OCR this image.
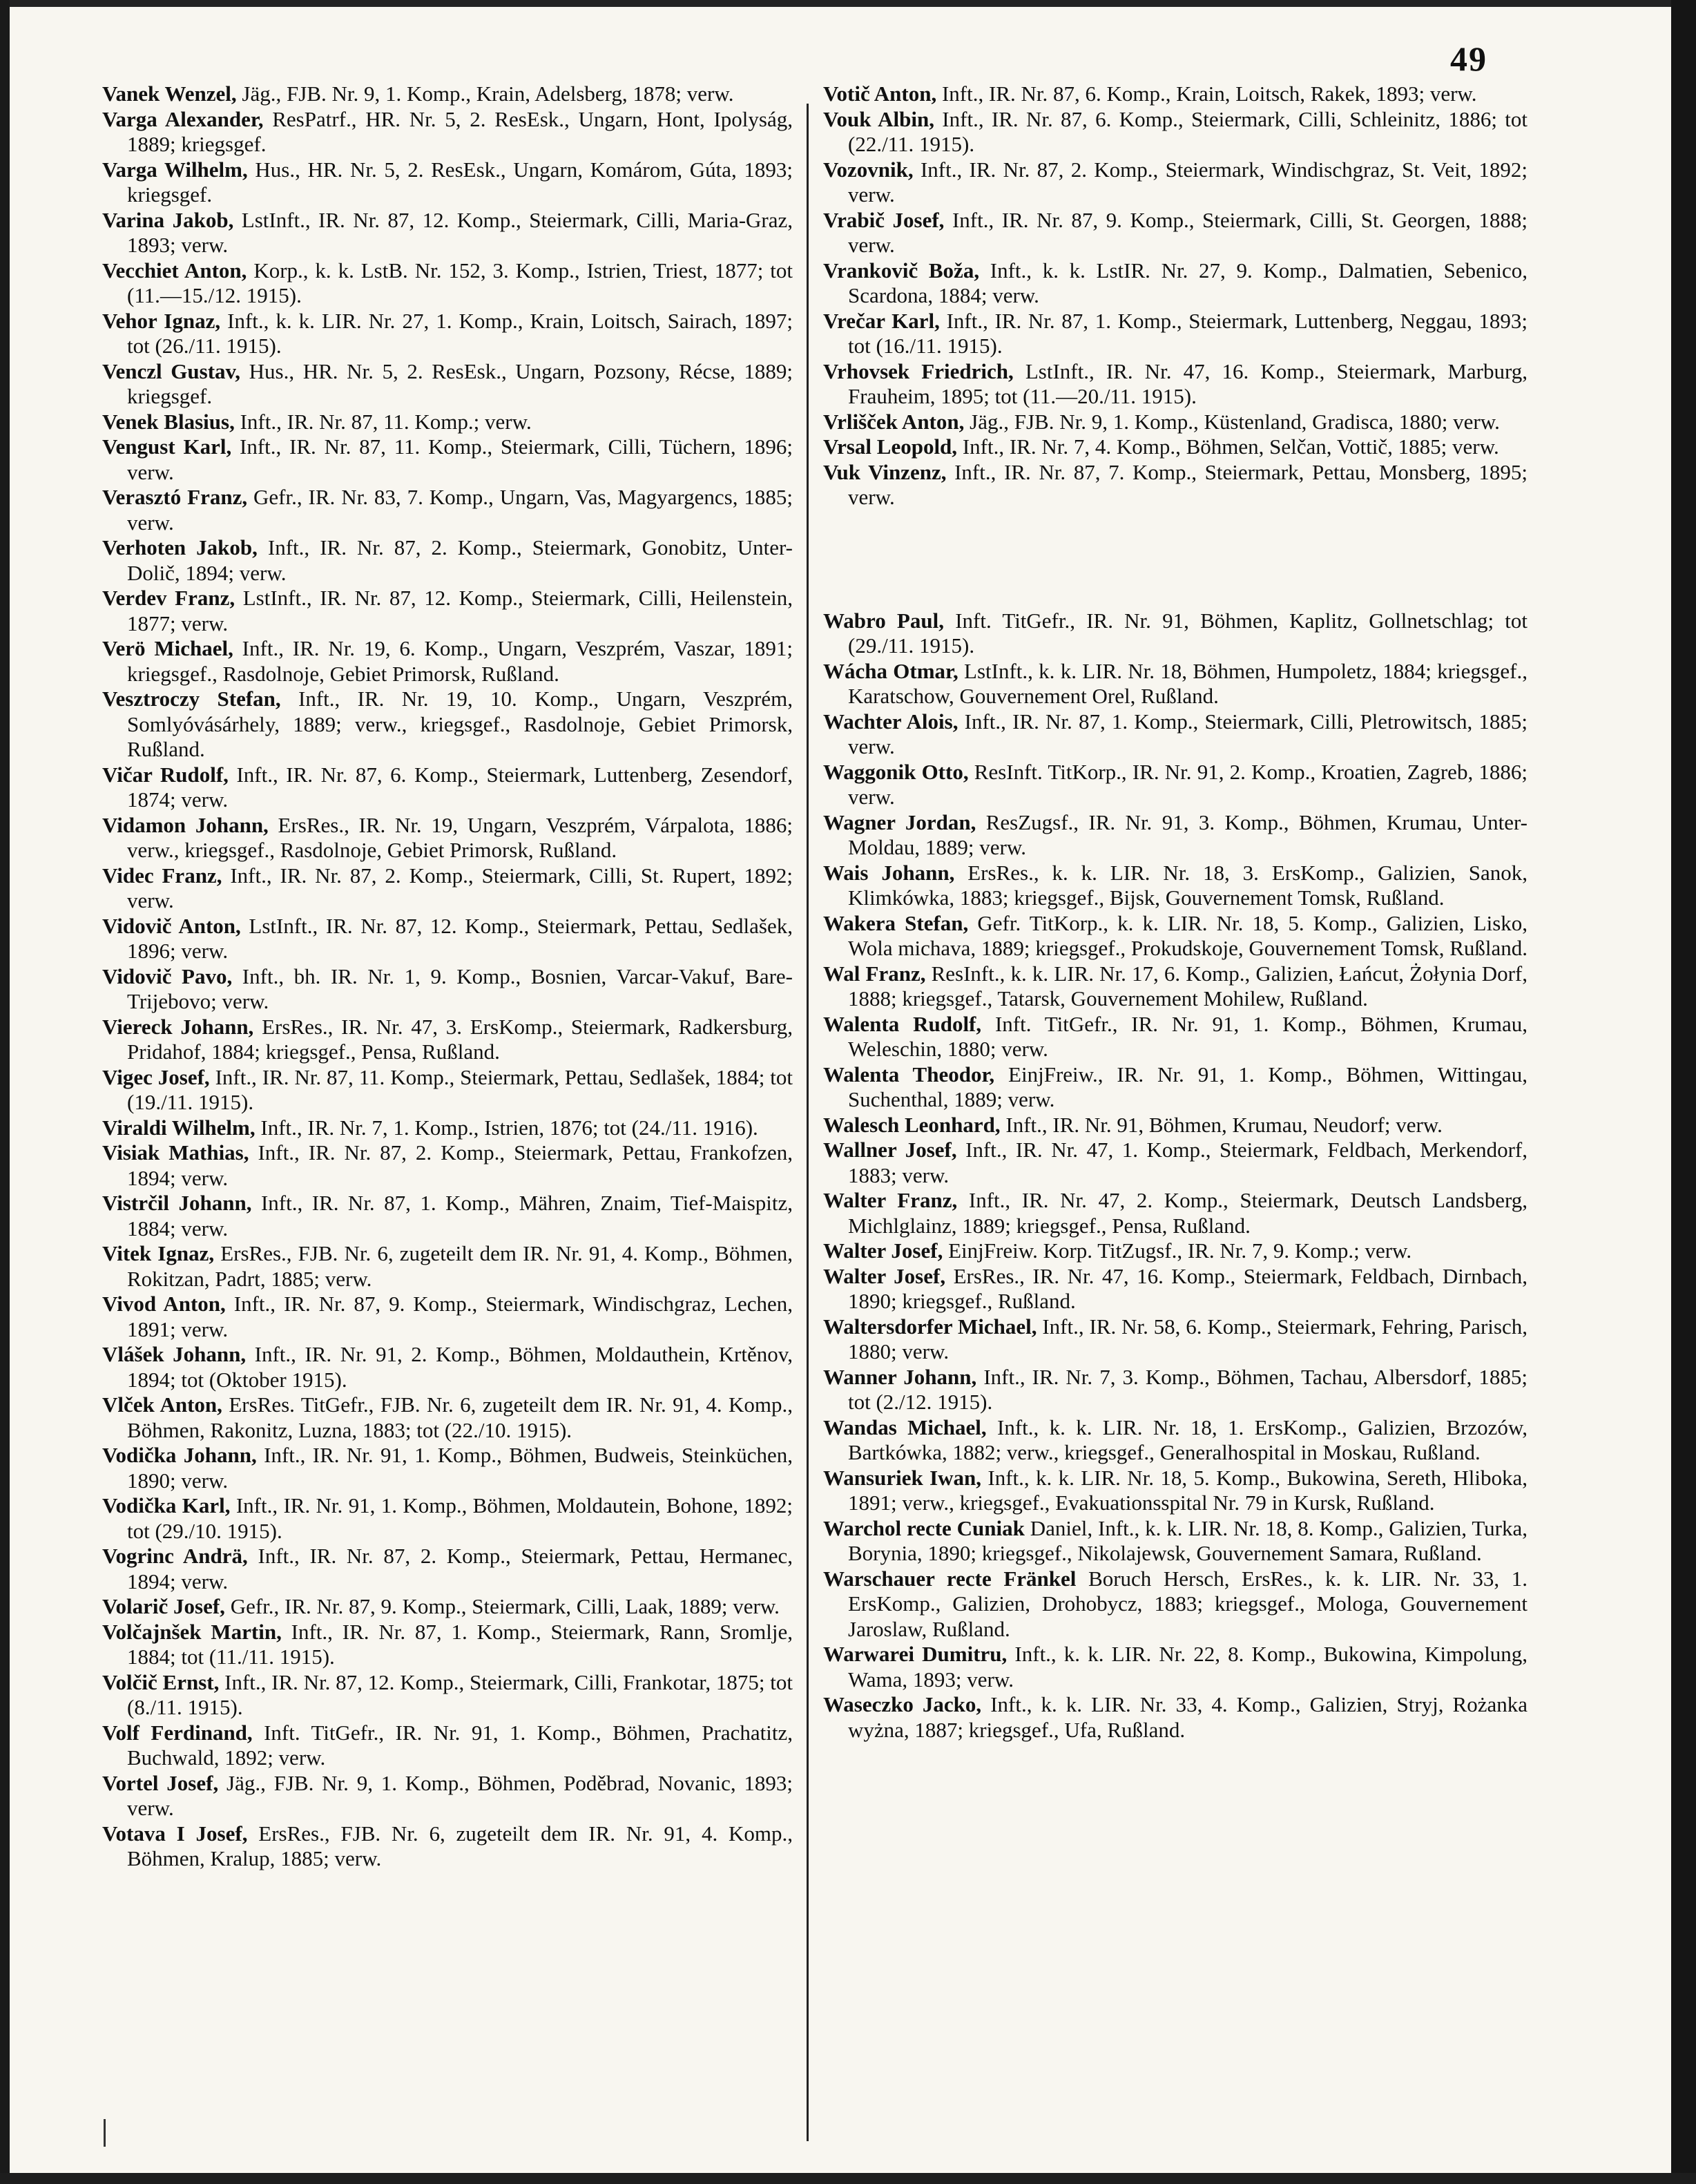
49

Vanek Wenzel, Jäg., FJB. Nr. 9, 1. Komp., Krain, Adelsberg, 1878; verw.

Varga Alexander, ResPatrf., HR. Nr. 5, 2. ResEsk., Ungarn, Hont, Ipolyság, 1889; kriegsgef.

Varga Wilhelm, Hus., HR. Nr. 5, 2. ResEsk., Ungarn, Komárom, Gúta, 1893; kriegsgef.

Varina Jakob, LstInft., IR. Nr. 87, 12. Komp., Steiermark, Cilli, Maria-Graz, 1893; verw.

Vecchiet Anton, Korp., k. k. LstB. Nr. 152, 3. Komp., Istrien, Triest, 1877; tot (11.—15./12. 1915).

Vehor Ignaz, Inft., k. k. LIR. Nr. 27, 1. Komp., Krain, Loitsch, Sairach, 1897; tot (26./11. 1915).

Venczl Gustav, Hus., HR. Nr. 5, 2. ResEsk., Ungarn, Pozsony, Récse, 1889; kriegsgef.

Venek Blasius, Inft., IR. Nr. 87, 11. Komp.; verw.

Vengust Karl, Inft., IR. Nr. 87, 11. Komp., Steiermark, Cilli, Tüchern, 1896; verw.

Verasztó Franz, Gefr., IR. Nr. 83, 7. Komp., Ungarn, Vas, Magyargencs, 1885; verw.

Verhoten Jakob, Inft., IR. Nr. 87, 2. Komp., Steiermark, Gonobitz, Unter-Dolič, 1894; verw.

Verdev Franz, LstInft., IR. Nr. 87, 12. Komp., Steiermark, Cilli, Heilenstein, 1877; verw.

Verö Michael, Inft., IR. Nr. 19, 6. Komp., Ungarn, Veszprém, Vaszar, 1891; kriegsgef., Rasdolnoje, Gebiet Primorsk, Rußland.

Vesztroczy Stefan, Inft., IR. Nr. 19, 10. Komp., Ungarn, Veszprém, Somlyóvásárhely, 1889; verw., kriegsgef., Rasdolnoje, Gebiet Primorsk, Rußland.

Vičar Rudolf, Inft., IR. Nr. 87, 6. Komp., Steiermark, Luttenberg, Zesendorf, 1874; verw.

Vidamon Johann, ErsRes., IR. Nr. 19, Ungarn, Veszprém, Várpalota, 1886; verw., kriegsgef., Rasdolnoje, Gebiet Primorsk, Rußland.

Videc Franz, Inft., IR. Nr. 87, 2. Komp., Steiermark, Cilli, St. Rupert, 1892; verw.

Vidovič Anton, LstInft., IR. Nr. 87, 12. Komp., Steiermark, Pettau, Sedlašek, 1896; verw.

Vidovič Pavo, Inft., bh. IR. Nr. 1, 9. Komp., Bosnien, Varcar-Vakuf, Bare-Trijebovo; verw.

Viereck Johann, ErsRes., IR. Nr. 47, 3. ErsKomp., Steiermark, Radkersburg, Pridahof, 1884; kriegsgef., Pensa, Rußland.

Vigec Josef, Inft., IR. Nr. 87, 11. Komp., Steiermark, Pettau, Sedlašek, 1884; tot (19./11. 1915).

Viraldi Wilhelm, Inft., IR. Nr. 7, 1. Komp., Istrien, 1876; tot (24./11. 1916).

Visiak Mathias, Inft., IR. Nr. 87, 2. Komp., Steiermark, Pettau, Frankofzen, 1894; verw.

Vistrčil Johann, Inft., IR. Nr. 87, 1. Komp., Mähren, Znaim, Tief-Maispitz, 1884; verw.

Vitek Ignaz, ErsRes., FJB. Nr. 6, zugeteilt dem IR. Nr. 91, 4. Komp., Böhmen, Rokitzan, Padrt, 1885; verw.

Vivod Anton, Inft., IR. Nr. 87, 9. Komp., Steiermark, Windischgraz, Lechen, 1891; verw.

Vlášek Johann, Inft., IR. Nr. 91, 2. Komp., Böhmen, Moldauthein, Krtěnov, 1894; tot (Oktober 1915).

Vlček Anton, ErsRes. TitGefr., FJB. Nr. 6, zugeteilt dem IR. Nr. 91, 4. Komp., Böhmen, Rakonitz, Luzna, 1883; tot (22./10. 1915).

Vodička Johann, Inft., IR. Nr. 91, 1. Komp., Böhmen, Budweis, Steinküchen, 1890; verw.

Vodička Karl, Inft., IR. Nr. 91, 1. Komp., Böhmen, Moldautein, Bohone, 1892; tot (29./10. 1915).

Vogrinc Andrä, Inft., IR. Nr. 87, 2. Komp., Steiermark, Pettau, Hermanec, 1894; verw.

Volarič Josef, Gefr., IR. Nr. 87, 9. Komp., Steiermark, Cilli, Laak, 1889; verw.

Volčajnšek Martin, Inft., IR. Nr. 87, 1. Komp., Steiermark, Rann, Sromlje, 1884; tot (11./11. 1915).

Volčič Ernst, Inft., IR. Nr. 87, 12. Komp., Steiermark, Cilli, Frankotar, 1875; tot (8./11. 1915).

Volf Ferdinand, Inft. TitGefr., IR. Nr. 91, 1. Komp., Böhmen, Prachatitz, Buchwald, 1892; verw.

Vortel Josef, Jäg., FJB. Nr. 9, 1. Komp., Böhmen, Poděbrad, Novanic, 1893; verw.

Votava I Josef, ErsRes., FJB. Nr. 6, zugeteilt dem IR. Nr. 91, 4. Komp., Böhmen, Kralup, 1885; verw.

Votič Anton, Inft., IR. Nr. 87, 6. Komp., Krain, Loitsch, Rakek, 1893; verw.

Vouk Albin, Inft., IR. Nr. 87, 6. Komp., Steiermark, Cilli, Schleinitz, 1886; tot (22./11. 1915).

Vozovnik, Inft., IR. Nr. 87, 2. Komp., Steiermark, Windischgraz, St. Veit, 1892; verw.

Vrabič Josef, Inft., IR. Nr. 87, 9. Komp., Steiermark, Cilli, St. Georgen, 1888; verw.

Vrankovič Boža, Inft., k. k. LstIR. Nr. 27, 9. Komp., Dalmatien, Sebenico, Scardona, 1884; verw.

Vrečar Karl, Inft., IR. Nr. 87, 1. Komp., Steiermark, Luttenberg, Neggau, 1893; tot (16./11. 1915).

Vrhovsek Friedrich, LstInft., IR. Nr. 47, 16. Komp., Steiermark, Marburg, Frauheim, 1895; tot (11.—20./11. 1915).

Vrlišček Anton, Jäg., FJB. Nr. 9, 1. Komp., Küstenland, Gradisca, 1880; verw.

Vrsal Leopold, Inft., IR. Nr. 7, 4. Komp., Böhmen, Selčan, Vottič, 1885; verw.

Vuk Vinzenz, Inft., IR. Nr. 87, 7. Komp., Steiermark, Pettau, Monsberg, 1895; verw.

Wabro Paul, Inft. TitGefr., IR. Nr. 91, Böhmen, Kaplitz, Gollnetschlag; tot (29./11. 1915).

Wácha Otmar, LstInft., k. k. LIR. Nr. 18, Böhmen, Humpoletz, 1884; kriegsgef., Karatschow, Gouvernement Orel, Rußland.

Wachter Alois, Inft., IR. Nr. 87, 1. Komp., Steiermark, Cilli, Pletrowitsch, 1885; verw.

Waggonik Otto, ResInft. TitKorp., IR. Nr. 91, 2. Komp., Kroatien, Zagreb, 1886; verw.

Wagner Jordan, ResZugsf., IR. Nr. 91, 3. Komp., Böhmen, Krumau, Unter-Moldau, 1889; verw.

Wais Johann, ErsRes., k. k. LIR. Nr. 18, 3. ErsKomp., Galizien, Sanok, Klimkówka, 1883; kriegsgef., Bijsk, Gouvernement Tomsk, Rußland.

Wakera Stefan, Gefr. TitKorp., k. k. LIR. Nr. 18, 5. Komp., Galizien, Lisko, Wola michava, 1889; kriegsgef., Prokudskoje, Gouvernement Tomsk, Rußland.

Wal Franz, ResInft., k. k. LIR. Nr. 17, 6. Komp., Galizien, Łańcut, Żołynia Dorf, 1888; kriegsgef., Tatarsk, Gouvernement Mohilew, Rußland.

Walenta Rudolf, Inft. TitGefr., IR. Nr. 91, 1. Komp., Böhmen, Krumau, Weleschin, 1880; verw.

Walenta Theodor, EinjFreiw., IR. Nr. 91, 1. Komp., Böhmen, Wittingau, Suchenthal, 1889; verw.

Walesch Leonhard, Inft., IR. Nr. 91, Böhmen, Krumau, Neudorf; verw.

Wallner Josef, Inft., IR. Nr. 47, 1. Komp., Steiermark, Feldbach, Merkendorf, 1883; verw.

Walter Franz, Inft., IR. Nr. 47, 2. Komp., Steiermark, Deutsch Landsberg, Michlglainz, 1889; kriegsgef., Pensa, Rußland.

Walter Josef, EinjFreiw. Korp. TitZugsf., IR. Nr. 7, 9. Komp.; verw.

Walter Josef, ErsRes., IR. Nr. 47, 16. Komp., Steiermark, Feldbach, Dirnbach, 1890; kriegsgef., Rußland.

Waltersdorfer Michael, Inft., IR. Nr. 58, 6. Komp., Steiermark, Fehring, Parisch, 1880; verw.

Wanner Johann, Inft., IR. Nr. 7, 3. Komp., Böhmen, Tachau, Albersdorf, 1885; tot (2./12. 1915).

Wandas Michael, Inft., k. k. LIR. Nr. 18, 1. ErsKomp., Galizien, Brzozów, Bartkówka, 1882; verw., kriegsgef., Generalhospital in Moskau, Rußland.

Wansuriek Iwan, Inft., k. k. LIR. Nr. 18, 5. Komp., Bukowina, Sereth, Hliboka, 1891; verw., kriegsgef., Evakuationsspital Nr. 79 in Kursk, Rußland.

Warchol recte Cuniak Daniel, Inft., k. k. LIR. Nr. 18, 8. Komp., Galizien, Turka, Borynia, 1890; kriegsgef., Nikolajewsk, Gouvernement Samara, Rußland.

Warschauer recte Fränkel Boruch Hersch, ErsRes., k. k. LIR. Nr. 33, 1. ErsKomp., Galizien, Drohobycz, 1883; kriegsgef., Mologa, Gouvernement Jaroslaw, Rußland.

Warwarei Dumitru, Inft., k. k. LIR. Nr. 22, 8. Komp., Bukowina, Kimpolung, Wama, 1893; verw.

Waseczko Jacko, Inft., k. k. LIR. Nr. 33, 4. Komp., Galizien, Stryj, Rożanka wyżna, 1887; kriegsgef., Ufa, Rußland.
